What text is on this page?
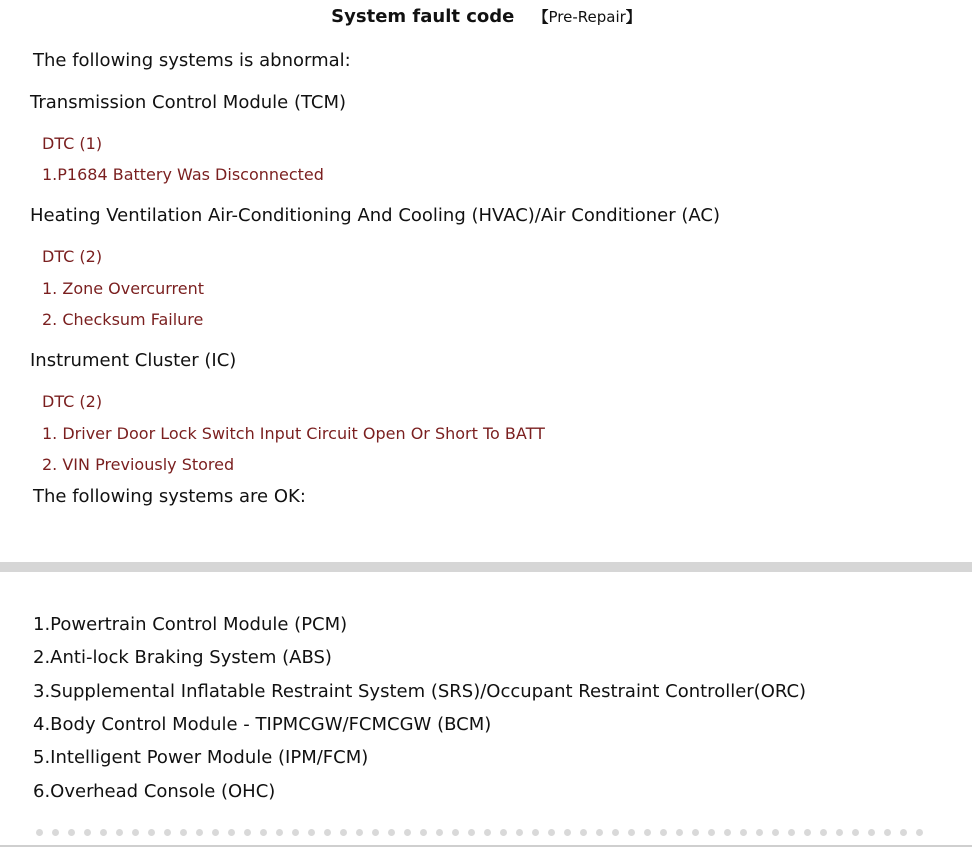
System fault code 【Pre-Repair】
The following systems is abnormal:
Transmission Control Module (TCM)
DTC (1)
1.P1684 Battery Was Disconnected
Heating Ventilation Air-Conditioning And Cooling (HVAC)/Air Conditioner (AC)
DTC (2)
1. Zone Overcurrent
2. Checksum Failure
Instrument Cluster (IC)
DTC (2)
1. Driver Door Lock Switch Input Circuit Open Or Short To BATT
2. VIN Previously Stored
The following systems are OK:
1.Powertrain Control Module (PCM)
2.Anti-lock Braking System (ABS)
3.Supplemental Inflatable Restraint System (SRS)/Occupant Restraint Controller(ORC)
4.Body Control Module - TIPMCGW/FCMCGW (BCM)
5.Intelligent Power Module (IPM/FCM)
6.Overhead Console (OHC)
